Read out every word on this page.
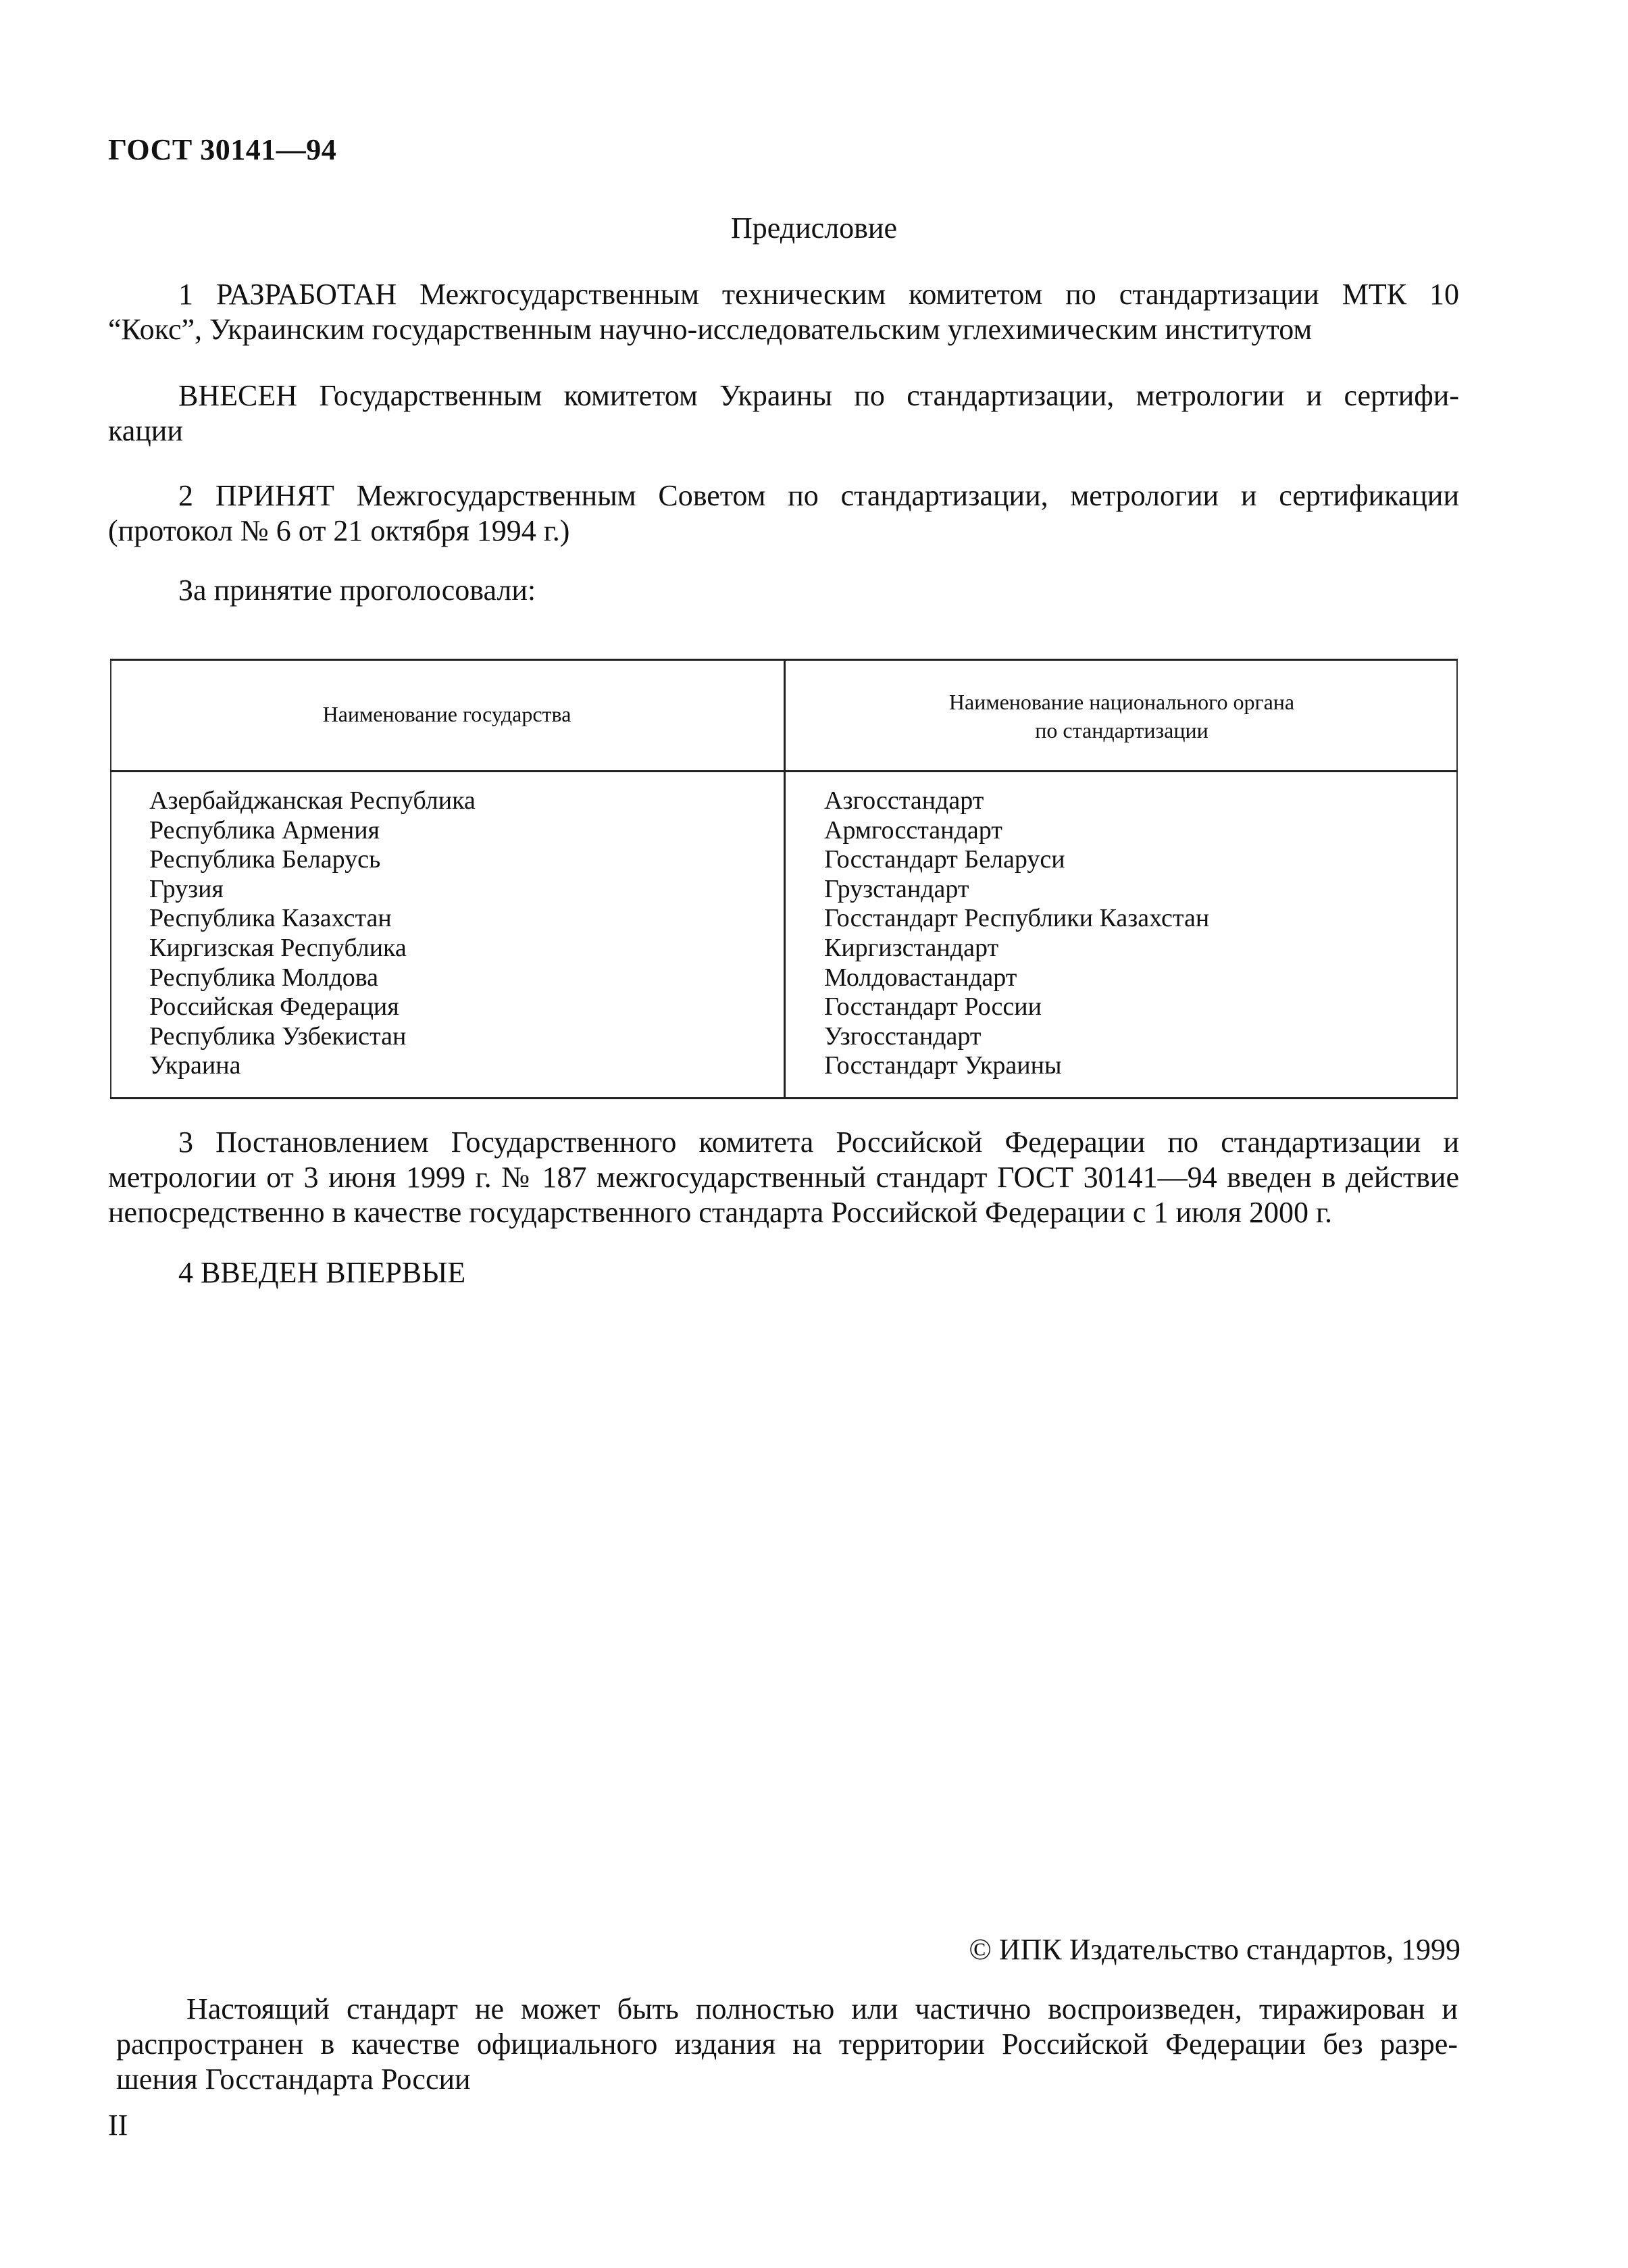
ГОСТ 30141—94
Предисловие
1 РАЗРАБОТАН Межгосударственным техническим комитетом по стандартизации МТК 10
“Кокс”, Украинским государственным научно-исследовательским углехимическим институтом
ВНЕСЕН Государственным комитетом Украины по стандартизации, метрологии и сертифи-
кации
2 ПРИНЯТ Межгосударственным Советом по стандартизации, метрологии и сертификации
(протокол № 6 от 21 октября 1994 г.)
За принятие проголосовали:
Наименование государства	Наименование национального органа
по стандартизации
Азербайджанская Республика
Республика Армения
Республика Беларусь
Грузия
Республика Казахстан
Киргизская Республика
Республика Молдова
Российская Федерация
Республика Узбекистан
Украина
Азгосстандарт
Армгосстандарт
Госстандарт Беларуси
Грузстандарт
Госстандарт Республики Казахстан
Киргизстандарт
Молдовастандарт
Госстандарт России
Узгосстандарт
Госстандарт Украины
3 Постановлением Государственного комитета Российской Федерации по стандартизации и
метрологии от 3 июня 1999 г. № 187 межгосударственный стандарт ГОСТ 30141—94 введен в действие
непосредственно в качестве государственного стандарта Российской Федерации с 1 июля 2000 г.
4 ВВЕДЕН ВПЕРВЫЕ
© ИПК Издательство стандартов, 1999
Настоящий стандарт не может быть полностью или частично воспроизведен, тиражирован и
распространен в качестве официального издания на территории Российской Федерации без разре-
шения Госстандарта России
II
